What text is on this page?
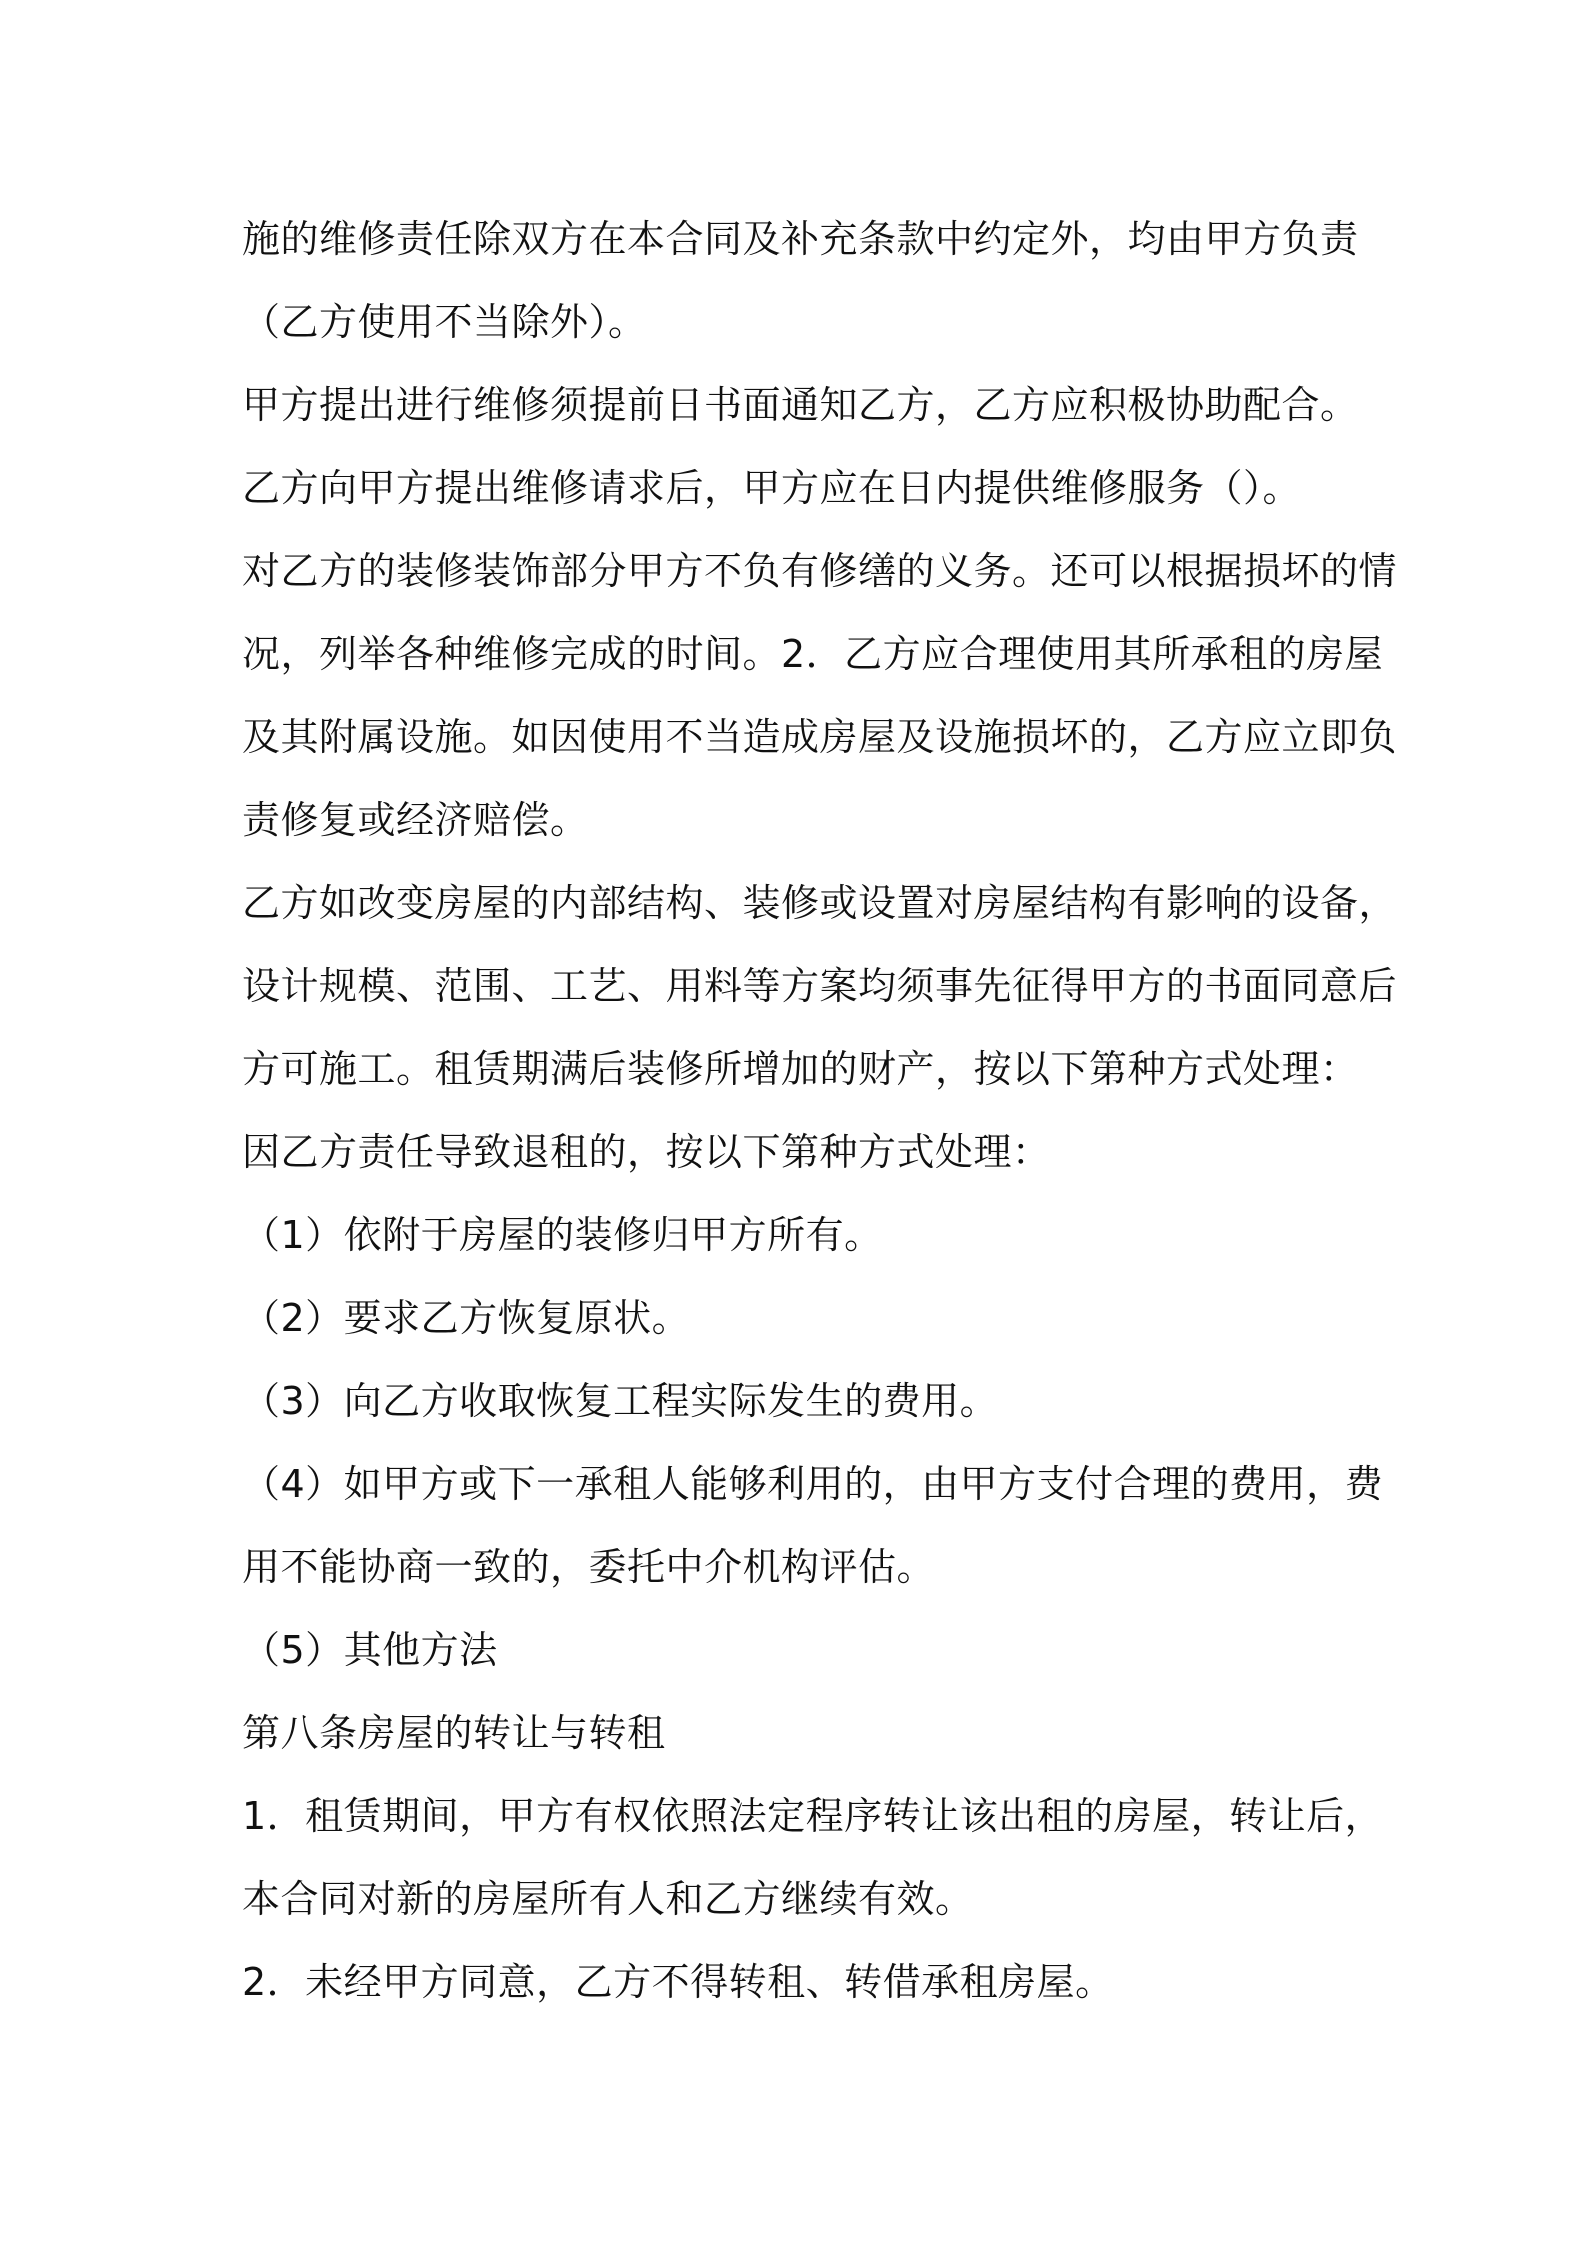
施的维修责任除双方在本合同及补充条款中约定外，均由甲方负责
（乙方使用不当除外）。
甲方提出进行维修须提前日书面通知乙方，乙方应积极协助配合。
乙方向甲方提出维修请求后，甲方应在日内提供维修服务（）。
对乙方的装修装饰部分甲方不负有修缮的义务。还可以根据损坏的情
况，列举各种维修完成的时间。2．乙方应合理使用其所承租的房屋
及其附属设施。如因使用不当造成房屋及设施损坏的，乙方应立即负
责修复或经济赔偿。
乙方如改变房屋的内部结构、装修或设置对房屋结构有影响的设备，
设计规模、范围、工艺、用料等方案均须事先征得甲方的书面同意后
方可施工。租赁期满后装修所增加的财产，按以下第种方式处理：
因乙方责任导致退租的，按以下第种方式处理：
（1）依附于房屋的装修归甲方所有。
（2）要求乙方恢复原状。
（3）向乙方收取恢复工程实际发生的费用。
（4）如甲方或下一承租人能够利用的，由甲方支付合理的费用，费
用不能协商一致的，委托中介机构评估。
（5）其他方法
第八条房屋的转让与转租
1．租赁期间，甲方有权依照法定程序转让该出租的房屋，转让后，
本合同对新的房屋所有人和乙方继续有效。
2．未经甲方同意，乙方不得转租、转借承租房屋。
